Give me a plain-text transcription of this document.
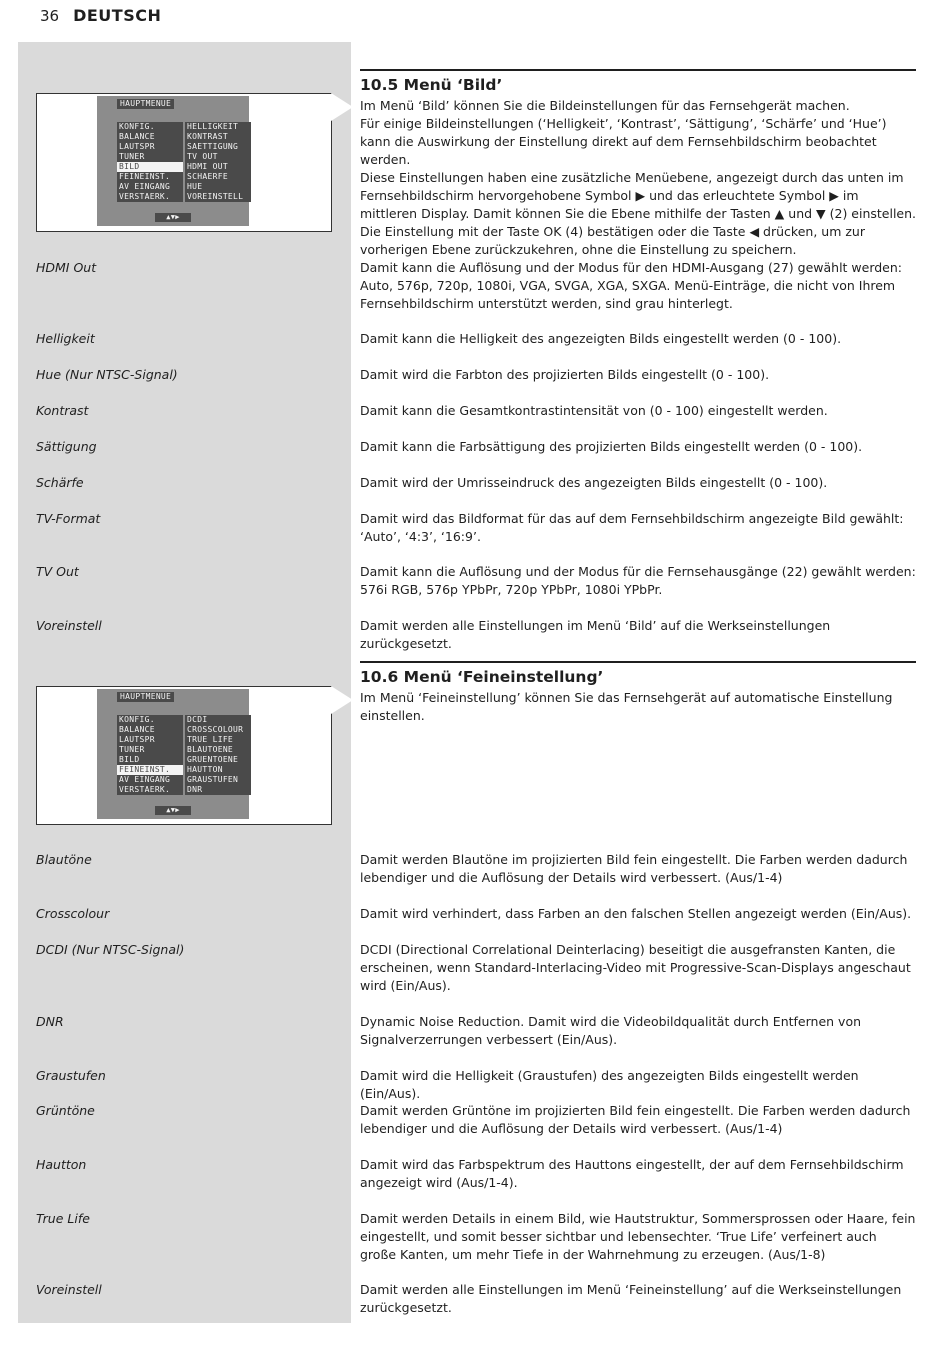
36 DEUTSCH
10.5 Menü ‘Bild’

Im Menü ‘Bild’ können Sie die Bildeinstellungen für das Fernsehgerät machen.

Für einige Bildeinstellungen (‘Helligkeit’, ‘Kontrast’, ‘Sättigung’, ‘Schärfe’ und ‘Hue’) kann die Auswirkung der Einstellung direkt auf dem Fernsehbildschirm beobachtet werden.

Diese Einstellungen haben eine zusätzliche Menüebene, angezeigt durch das unten im Fernsehbildschirm hervorgehobene Symbol ▶ und das erleuchtete Symbol ▶ im mittleren Display. Damit können Sie die Ebene mithilfe der Tasten ▲ und ▼ (2) einstellen. Die Einstellung mit der Taste OK (4) bestätigen oder die Taste ◀ drücken, um zur vorherigen Ebene zurückzukehren, ohne die Einstellung zu speichern.

HAUPTMENUE
KONFIG.
BALANCE
LAUTSPR
TUNER
BILD
FEINEINST.
AV EINGANG
VERSTAERK.
HELLIGKEIT
KONTRAST
SAETTIGUNG
TV OUT
HDMI OUT
SCHAERFE
HUE
VOREINSTELL
▲▼▶
HDMI Out	Damit kann die Auflösung und der Modus für den HDMI-Ausgang (27) gewählt werden: Auto, 576p, 720p, 1080i, VGA, SVGA, XGA, SXGA. Menü-Einträge, die nicht von Ihrem Fernsehbildschirm unterstützt werden, sind grau hinterlegt.
Helligkeit	Damit kann die Helligkeit des angezeigten Bilds eingestellt werden (0 - 100).
Hue (Nur NTSC-Signal)	Damit wird die Farbton des projizierten Bilds eingestellt (0 - 100).
Kontrast	Damit kann die Gesamtkontrastintensität von (0 - 100) eingestellt werden.
Sättigung	Damit kann die Farbsättigung des projizierten Bilds eingestellt werden (0 - 100).
Schärfe	Damit wird der Umrisseindruck des angezeigten Bilds eingestellt (0 - 100).
TV-Format	Damit wird das Bildformat für das auf dem Fernsehbildschirm angezeigte Bild gewählt: ‘Auto’, ‘4:3’, ‘16:9’.
TV Out	Damit kann die Auflösung und der Modus für die Fernsehausgänge (22) gewählt werden: 576i RGB, 576p YPbPr, 720p YPbPr, 1080i YPbPr.
Voreinstell	Damit werden alle Einstellungen im Menü ‘Bild’ auf die Werkseinstellungen zurückgesetzt.
10.6 Menü ‘Feineinstellung’
Im Menü ‘Feineinstellung’ können Sie das Fernsehgerät auf automatische Einstellung einstellen.
HAUPTMENUE
KONFIG.
BALANCE
LAUTSPR
TUNER
BILD
FEINEINST.
AV EINGANG
VERSTAERK.
DCDI
CROSSCOLOUR
TRUE LIFE
BLAUTOENE
GRUENTOENE
HAUTTON
GRAUSTUFEN
DNR
▲▼▶
Blautöne	Damit werden Blautöne im projizierten Bild fein eingestellt. Die Farben werden dadurch lebendiger und die Auflösung der Details wird verbessert. (Aus/1-4)
Crosscolour	Damit wird verhindert, dass Farben an den falschen Stellen angezeigt werden (Ein/Aus).
DCDI (Nur NTSC-Signal)	DCDI (Directional Correlational Deinterlacing) beseitigt die ausgefransten Kanten, die erscheinen, wenn Standard-Interlacing-Video mit Progressive-Scan-Displays angeschaut wird (Ein/Aus).
DNR	Dynamic Noise Reduction. Damit wird die Videobildqualität durch Entfernen von Signalverzerrungen verbessert (Ein/Aus).
Graustufen	Damit wird die Helligkeit (Graustufen) des angezeigten Bilds eingestellt werden (Ein/Aus).
Grüntöne	Damit werden Grüntöne im projizierten Bild fein eingestellt. Die Farben werden dadurch lebendiger und die Auflösung der Details wird verbessert. (Aus/1-4)
Hautton	Damit wird das Farbspektrum des Hauttons eingestellt, der auf dem Fernsehbildschirm angezeigt wird (Aus/1-4).
True Life	Damit werden Details in einem Bild, wie Hautstruktur, Sommersprossen oder Haare, fein eingestellt, und somit besser sichtbar und lebensechter. ‘True Life’ verfeinert auch große Kanten, um mehr Tiefe in der Wahrnehmung zu erzeugen. (Aus/1-8)
Voreinstell	Damit werden alle Einstellungen im Menü ‘Feineinstellung’ auf die Werkseinstellungen zurückgesetzt.
